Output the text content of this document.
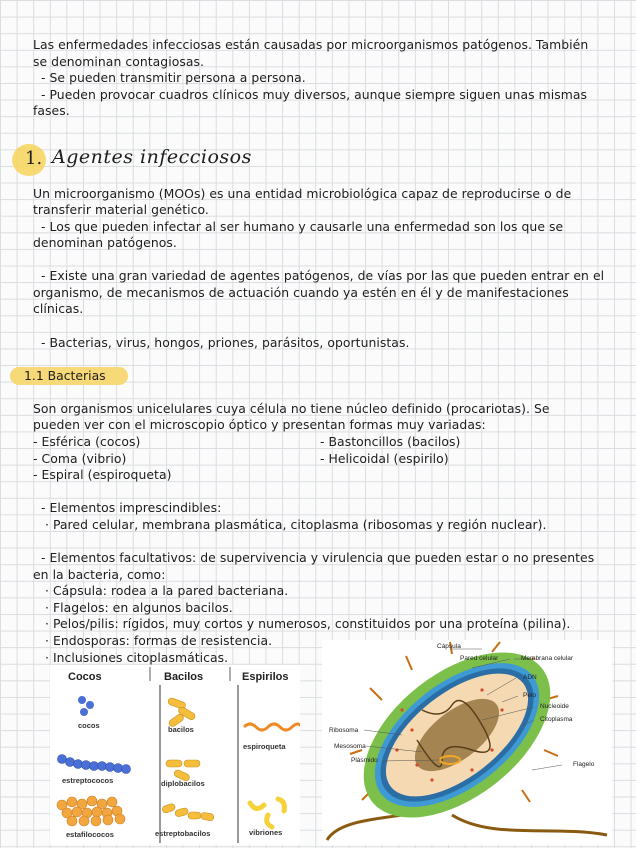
Las enfermedades infecciosas están causadas por microorganismos patógenos. También
se denominan contagiosas.
- Se pueden transmitir persona a persona.
- Pueden provocar cuadros clínicos muy diversos, aunque siempre siguen unas mismas
fases.
1. Agentes infecciosos
Un microorganismo (MOOs) es una entidad microbiológica capaz de reproducirse o de
transferir material genético.
- Los que pueden infectar al ser humano y causarle una enfermedad son los que se
denominan patógenos.
- Existe una gran variedad de agentes patógenos, de vías por las que pueden entrar en el
organismo, de mecanismos de actuación cuando ya estén en él y de manifestaciones
clínicas.
- Bacterias, virus, hongos, priones, parásitos, oportunistas.
1.1 Bacterias
Son organismos unicelulares cuya célula no tiene núcleo definido (procariotas). Se
pueden ver con el microscopio óptico y presentan formas muy variadas:
- Esférica (cocos)	- Bastoncillos (bacilos)
- Coma (vibrio)	- Helicoidal (espirilo)
- Espiral (espiroqueta)
- Elementos imprescindibles:
· Pared celular, membrana plasmática, citoplasma (ribosomas y región nuclear).
- Elementos facultativos: de supervivencia y virulencia que pueden estar o no presentes
en la bacteria, como:
· Cápsula: rodea a la pared bacteriana.
· Flagelos: en algunos bacilos.
· Pelos/pilis: rígidos, muy cortos y numerosos, constituidos por una proteína (pilina).
· Endosporas: formas de resistencia.
· Inclusiones citoplasmáticas.
Cocos	Bacilos	Espirilos
cocos	bacilos
espiroqueta
estreptococos	diplobacilos
estafilococos	estreptobacilos	vibriones
Cápsula
Pared celular	Membrana celular
ADN
Pelo
Nucleoide
Citoplasma
Ribosoma
Mesosoma
Plásmido
Flagelo
